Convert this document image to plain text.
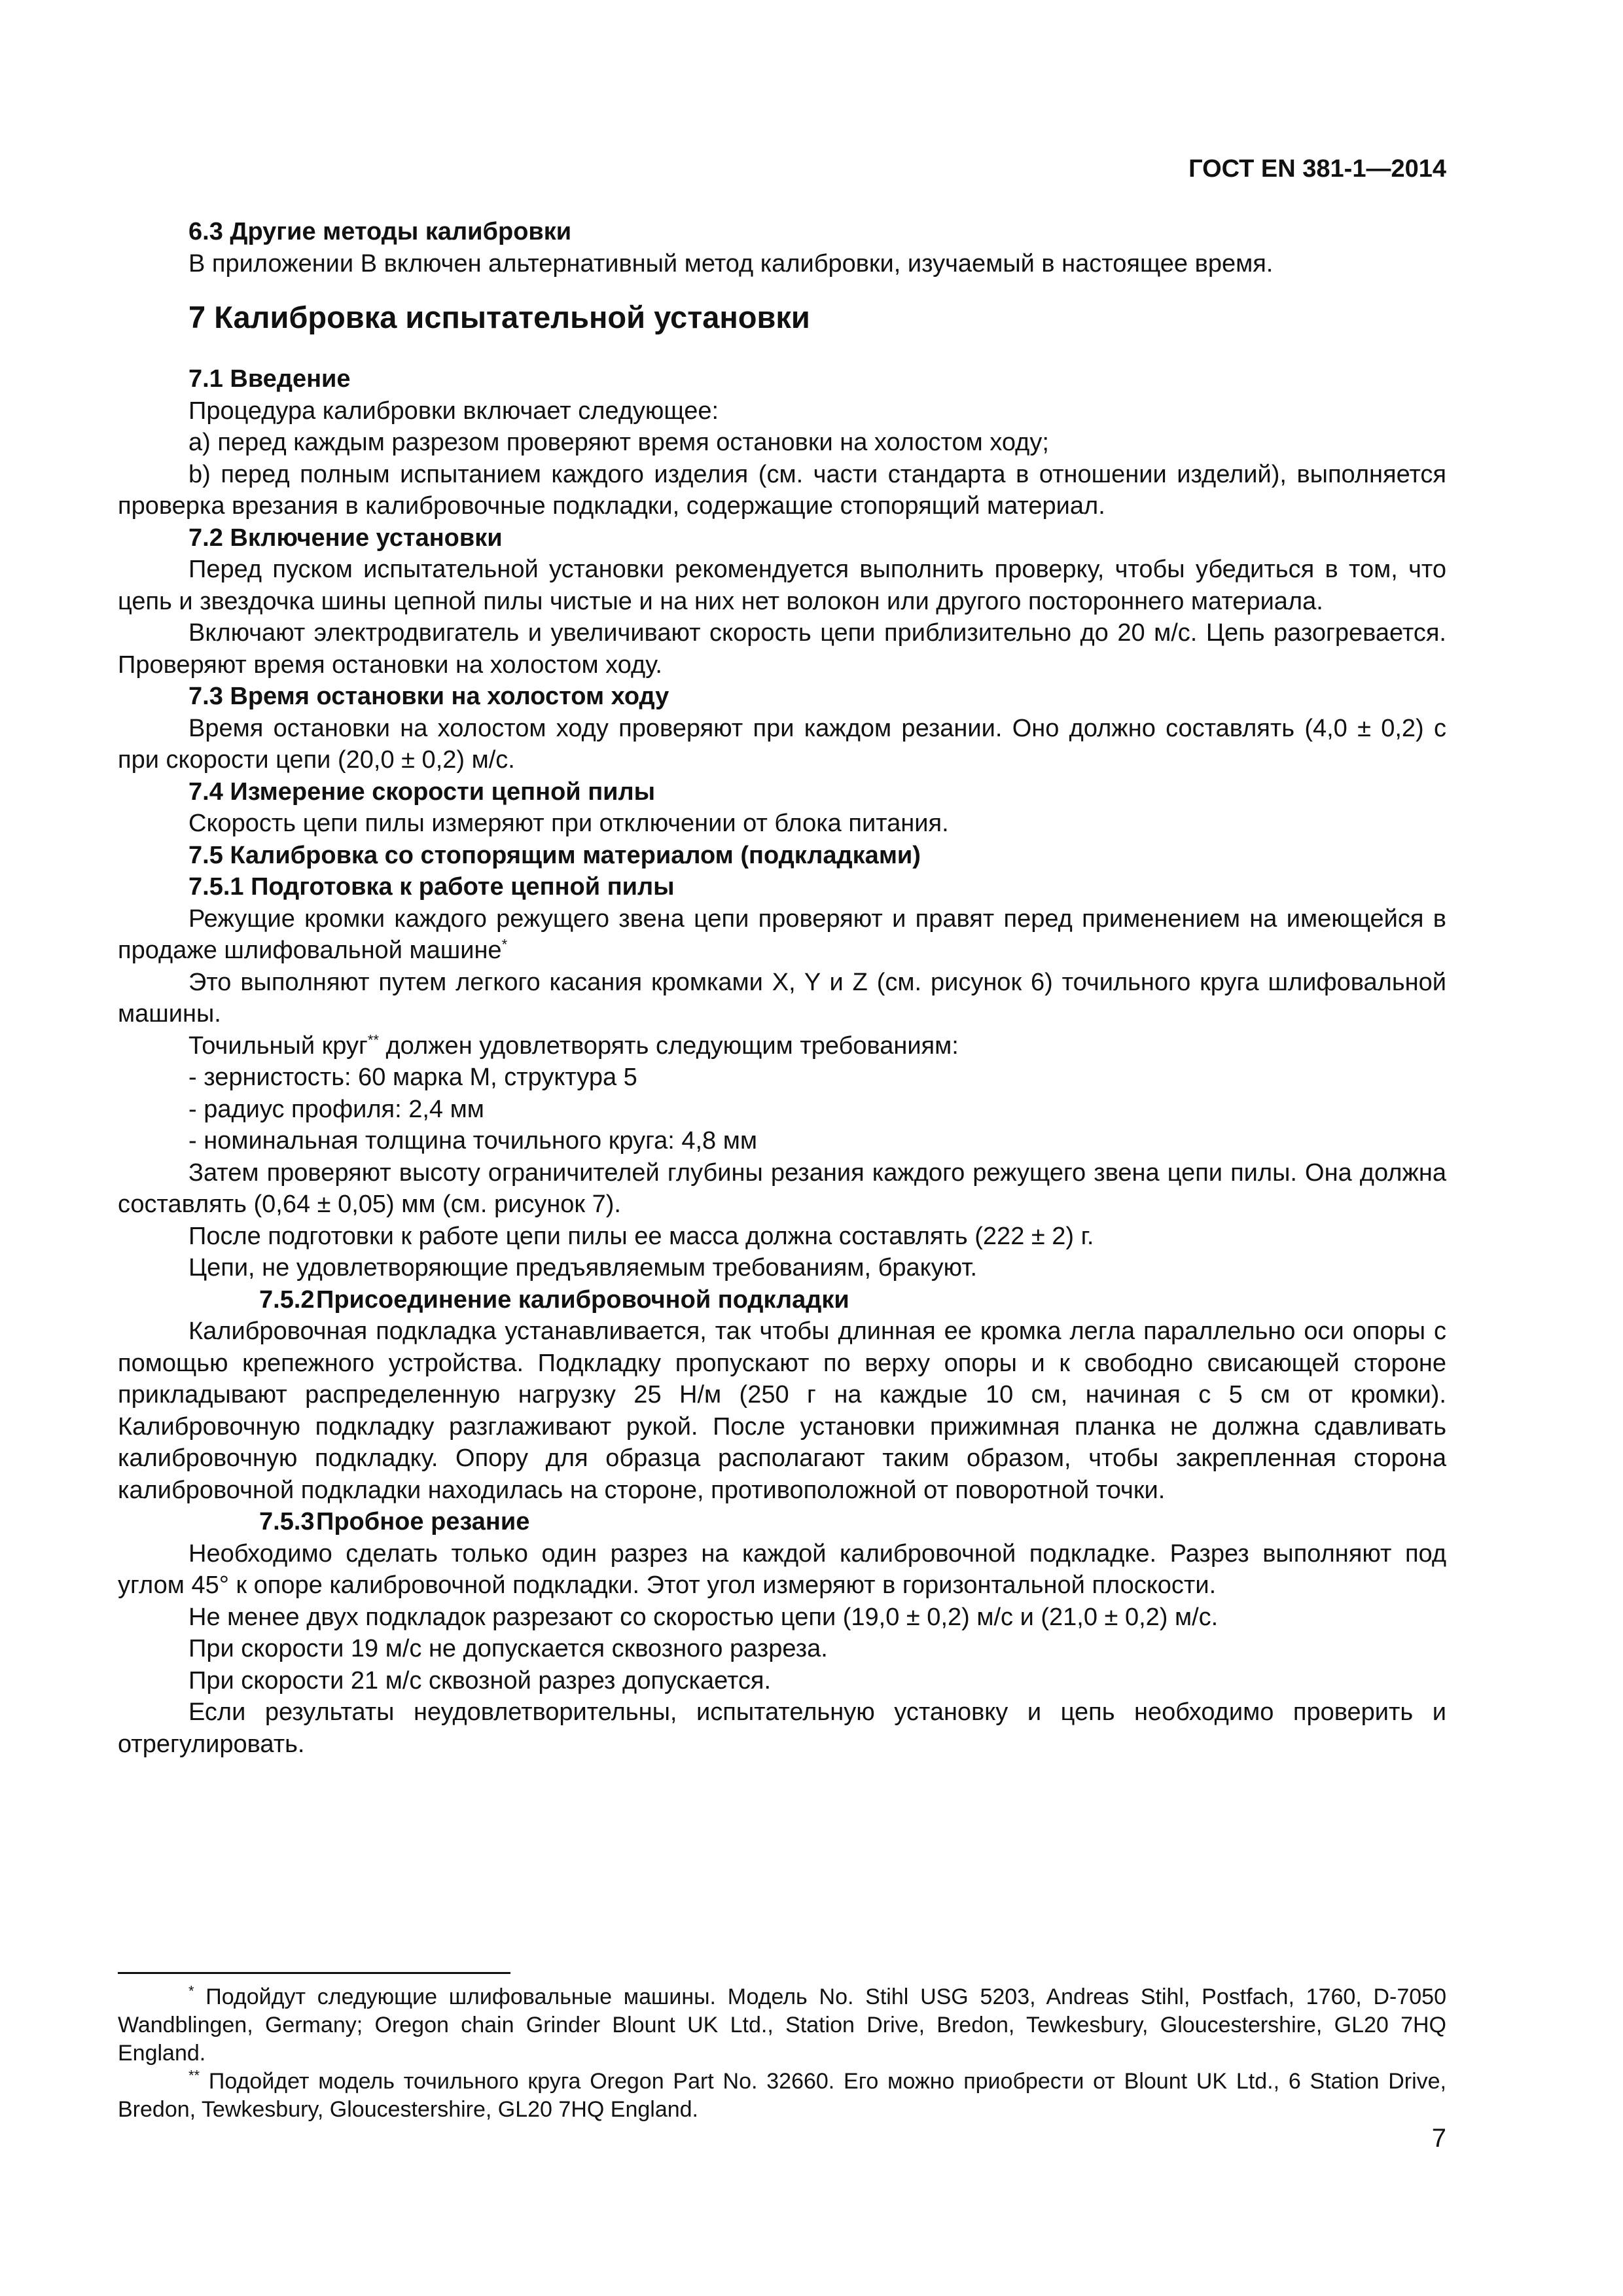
ГОСТ EN 381-1—2014

6.3 Другие методы калибровки

В приложении B включен альтернативный метод калибровки, изучаемый в настоящее время.

7 Калибровка испытательной установки

7.1 Введение

Процедура калибровки включает следующее:

a) перед каждым разрезом проверяют время остановки на холостом ходу;

b) перед полным испытанием каждого изделия (см. части стандарта в отношении изделий), выполняется проверка врезания в калибровочные подкладки, содержащие стопорящий материал.

7.2 Включение установки

Перед пуском испытательной установки рекомендуется выполнить проверку, чтобы убедиться в том, что цепь и звездочка шины цепной пилы чистые и на них нет волокон или другого постороннего материала.

Включают электродвигатель и увеличивают скорость цепи приблизительно до 20 м/с. Цепь разогревается. Проверяют время остановки на холостом ходу.

7.3 Время остановки на холостом ходу

Время остановки на холостом ходу проверяют при каждом резании. Оно должно составлять (4,0 ± 0,2) с при скорости цепи (20,0 ± 0,2) м/с.

7.4 Измерение скорости цепной пилы

Скорость цепи пилы измеряют при отключении от блока питания.

7.5 Калибровка со стопорящим материалом (подкладками)

7.5.1 Подготовка к работе цепной пилы

Режущие кромки каждого режущего звена цепи проверяют и правят перед применением на имеющейся в продаже шлифовальной машине*

Это выполняют путем легкого касания кромками X, Y и Z (см. рисунок 6) точильного круга шлифовальной машины.

Точильный круг** должен удовлетворять следующим требованиям:

- зернистость: 60 марка M, структура 5

- радиус профиля: 2,4 мм

- номинальная толщина точильного круга: 4,8 мм

Затем проверяют высоту ограничителей глубины резания каждого режущего звена цепи пилы. Она должна составлять (0,64 ± 0,05) мм (см. рисунок 7).

После подготовки к работе цепи пилы ее масса должна составлять (222 ± 2) г.

Цепи, не удовлетворяющие предъявляемым требованиям, бракуют.

7.5.2Присоединение калибровочной подкладки

Калибровочная подкладка устанавливается, так чтобы длинная ее кромка легла параллельно оси опоры с помощью крепежного устройства. Подкладку пропускают по верху опоры и к свободно свисающей стороне прикладывают распределенную нагрузку 25 Н/м (250 г на каждые 10 см, начиная с 5 см от кромки). Калибровочную подкладку разглаживают рукой. После установки прижимная планка не должна сдавливать калибровочную подкладку. Опору для образца располагают таким образом, чтобы закрепленная сторона калибровочной подкладки находилась на стороне, противоположной от поворотной точки.

7.5.3Пробное резание

Необходимо сделать только один разрез на каждой калибровочной подкладке. Разрез выполняют под углом 45° к опоре калибровочной подкладки. Этот угол измеряют в горизонтальной плоскости.

Не менее двух подкладок разрезают со скоростью цепи (19,0 ± 0,2) м/с и (21,0 ± 0,2) м/с.

При скорости 19 м/с не допускается сквозного разреза.

При скорости 21 м/с сквозной разрез допускается.

Если результаты неудовлетворительны, испытательную установку и цепь необходимо проверить и отрегулировать.

* Подойдут следующие шлифовальные машины. Модель No. Stihl USG 5203, Andreas Stihl, Postfach, 1760, D-7050 Wandblingen, Germany; Oregon chain Grinder Blount UK Ltd., Station Drive, Bredon, Tewkesbury, Gloucestershire, GL20 7HQ England.

** Подойдет модель точильного круга Oregon Part No. 32660. Его можно приобрести от Blount UK Ltd., 6 Station Drive, Bredon, Tewkesbury, Gloucestershire, GL20 7HQ England.

7
